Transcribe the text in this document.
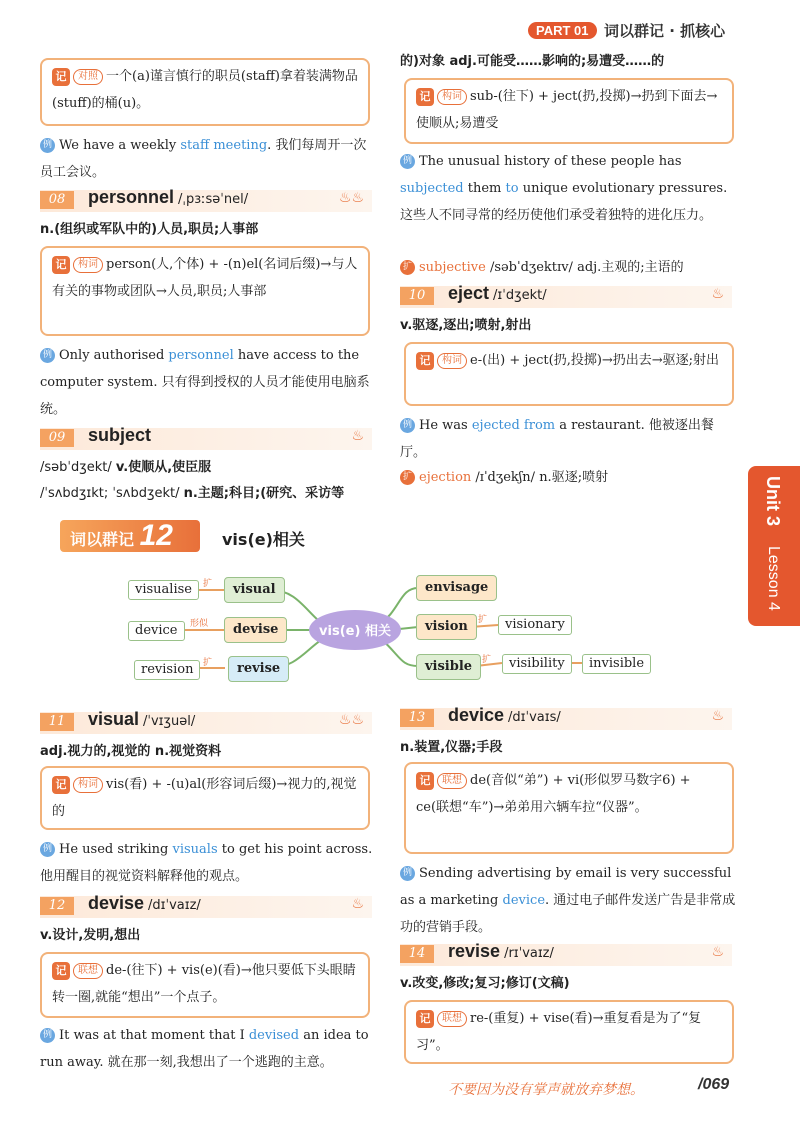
PART 01	词以群记 · 抓核心
Unit 3
Lesson 4
记 对照 一个(a)谨言慎行的职员(staff)拿着装满物品(stuff)的桶(u)。
例 We have a weekly staff meeting. 我们每周开一次员工会议。
08	personnel /ˌpɜːsəˈnel/	♨♨
n.(组织或军队中的)人员,职员;人事部
记 构词 person(人,个体) + -(n)el(名词后缀)→与人有关的事物或团队→人员,职员;人事部
例 Only authorised personnel have access to the computer system. 只有得到授权的人员才能使用电脑系统。
09	subject	♨
/səbˈdʒekt/ v.使顺从,使臣服
/ˈsʌbdʒɪkt; ˈsʌbdʒekt/ n.主题;科目;(研究、采访等
的)对象 adj.可能受……影响的;易遭受……的
记 构词 sub-(往下) + ject(扔,投掷)→扔到下面去→使顺从;易遭受
例 The unusual history of these people has subjected them to unique evolutionary pressures. 这些人不同寻常的经历使他们承受着独特的进化压力。
扩 subjective /səbˈdʒektɪv/ adj.主观的;主语的
10	eject /ɪˈdʒekt/	♨
v.驱逐,逐出;喷射,射出
记 构词 e-(出) + ject(扔,投掷)→扔出去→驱逐;射出
例 He was ejected from a restaurant. 他被逐出餐厅。
扩 ejection /ɪˈdʒekʃn/ n.驱逐;喷射
词以群记 12	vis(e)相关
visualise	visual
device	devise
revision	revise
vis(e) 相关
envisage
vision	visionary
visible	visibility	invisible
扩
形似
扩
扩
扩
11	visual /ˈvɪʒuəl/	♨♨
adj.视力的,视觉的 n.视觉资料
记 构词 vis(看) + -(u)al(形容词后缀)→视力的,视觉的
例 He used striking visuals to get his point across. 他用醒目的视觉资料解释他的观点。
12	devise /dɪˈvaɪz/	♨
v.设计,发明,想出
记 联想 de-(往下) + vis(e)(看)→他只要低下头眼睛转一圈,就能“想出”一个点子。
例 It was at that moment that I devised an idea to run away. 就在那一刻,我想出了一个逃跑的主意。
13	device /dɪˈvaɪs/	♨
n.装置,仪器;手段
记 联想 de(音似“弟”) + vi(形似罗马数字6) + ce(联想“车”)→弟弟用六辆车拉“仪器”。
例 Sending advertising by email is very successful as a marketing device. 通过电子邮件发送广告是非常成功的营销手段。
14	revise /rɪˈvaɪz/	♨
v.改变,修改;复习;修订(文稿)
记 联想 re-(重复) + vise(看)→重复看是为了“复习”。
不要因为没有掌声就放弃梦想。	/069
